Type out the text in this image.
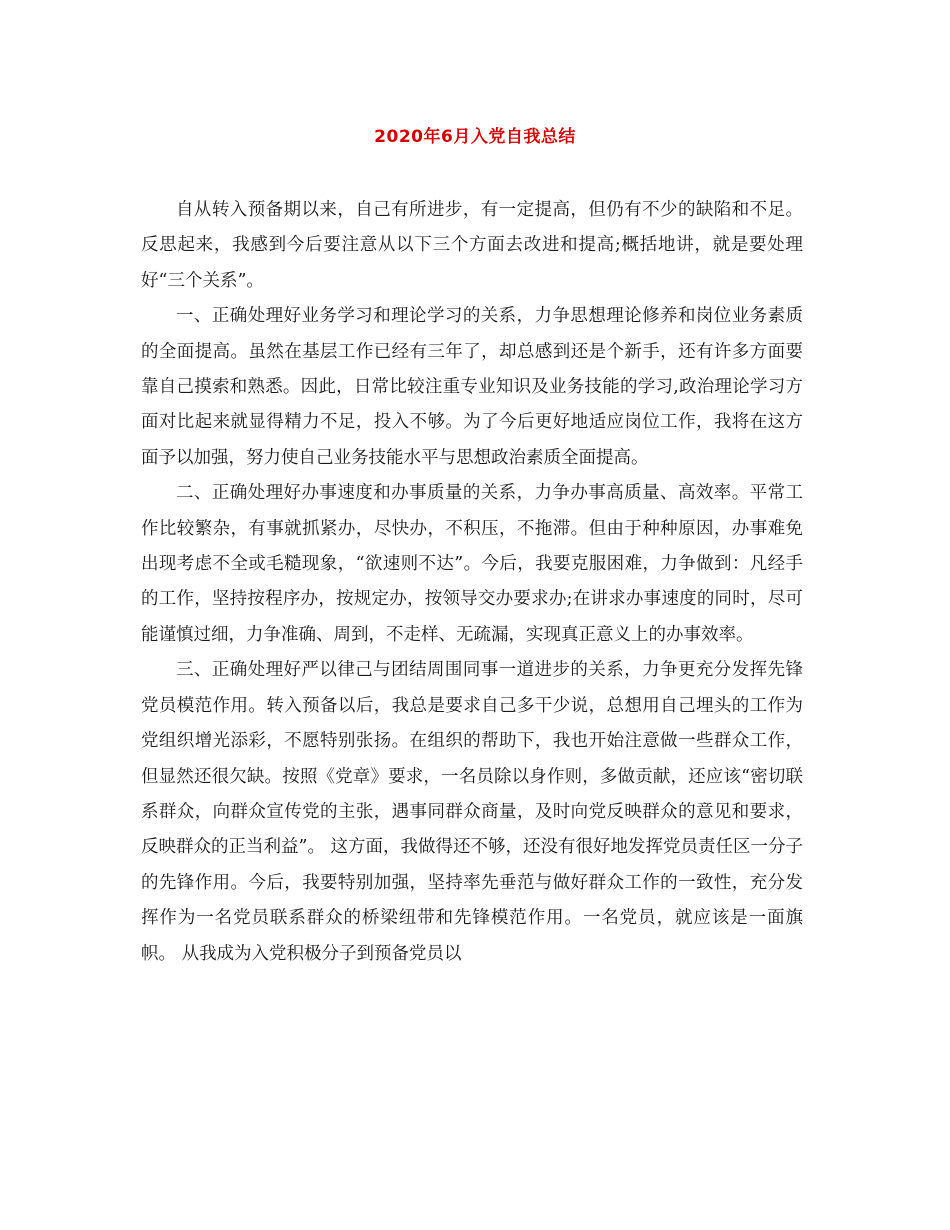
2020年6月入党自我总结

自从转入预备期以来，自己有所进步，有一定提高，但仍有不少的缺陷和不足。反思起来，我感到今后要注意从以下三个方面去改进和提高;概括地讲，就是要处理好“三个关系”。

一、正确处理好业务学习和理论学习的关系，力争思想理论修养和岗位业务素质的全面提高。虽然在基层工作已经有三年了，却总感到还是个新手，还有许多方面要靠自己摸索和熟悉。因此，日常比较注重专业知识及业务技能的学习,政治理论学习方面对比起来就显得精力不足，投入不够。为了今后更好地适应岗位工作，我将在这方面予以加强，努力使自己业务技能水平与思想政治素质全面提高。

二、正确处理好办事速度和办事质量的关系，力争办事高质量、高效率。平常工作比较繁杂，有事就抓紧办，尽快办，不积压，不拖滞。但由于种种原因，办事难免出现考虑不全或毛糙现象，“欲速则不达”。今后，我要克服困难，力争做到：凡经手的工作，坚持按程序办，按规定办，按领导交办要求办;在讲求办事速度的同时，尽可能谨慎过细，力争准确、周到，不走样、无疏漏，实现真正意义上的办事效率。

三、正确处理好严以律己与团结周围同事一道进步的关系，力争更充分发挥先锋党员模范作用。转入预备以后，我总是要求自己多干少说，总想用自己埋头的工作为党组织增光添彩，不愿特别张扬。在组织的帮助下，我也开始注意做一些群众工作，但显然还很欠缺。按照《党章》要求，一名员除以身作则，多做贡献，还应该“密切联系群众，向群众宣传党的主张，遇事同群众商量，及时向党反映群众的意见和要求，反映群众的正当利益”。 这方面，我做得还不够，还没有很好地发挥党员责任区一分子的先锋作用。今后，我要特别加强，坚持率先垂范与做好群众工作的一致性，充分发挥作为一名党员联系群众的桥梁纽带和先锋模范作用。一名党员，就应该是一面旗帜。 从我成为入党积极分子到预备党员以
